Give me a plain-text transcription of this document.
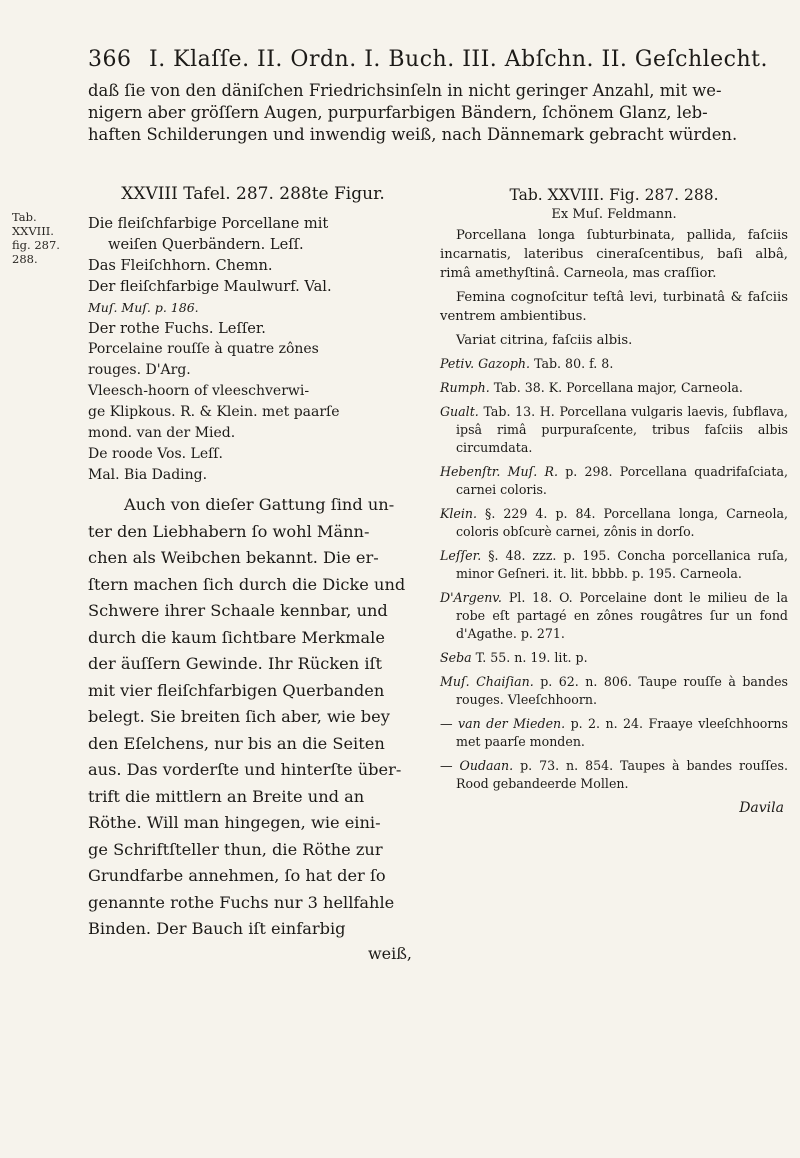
366 I. Klaſſe. II. Ordn. I. Buch. III. Abſchn. II. Geſchlecht.

daß ſie von den däniſchen Friedrichsinſeln in nicht geringer Anzahl, mit we-

nigern aber gröſſern Augen, purpurfarbigen Bändern, ſchönem Glanz, leb-

haften Schilderungen und inwendig weiß, nach Dännemark gebracht würden.

Tab.
XXVIII.
fig. 287.
288.
XXVIII Tafel. 287. 288te Figur.

Die fleiſchfarbige Porcellane mit

weiſen Querbändern. Leſſ.

Das Fleiſchhorn. Chemn.

Der fleiſchfarbige Maulwurf. Val.

Muſ. Muſ. p. 186.

Der rothe Fuchs. Leſſer.

Porcelaine rouſſe à quatre zônes

rouges. D'Arg.

Vleesch-hoorn of vleeschverwi-

ge Klipkous. R. & Klein. met paarſe

mond. van der Mied.

De roode Vos. Leſſ.

Mal. Bia Dading.

Auch von dieſer Gattung ſind un-

ter den Liebhabern ſo wohl Männ-

chen als Weibchen bekannt. Die er-

ſtern machen ſich durch die Dicke und

Schwere ihrer Schaale kennbar, und

durch die kaum ſichtbare Merkmale

der äuſſern Gewinde. Ihr Rücken iſt

mit vier fleiſchfarbigen Querbanden

belegt. Sie breiten ſich aber, wie bey

den Eſelchens, nur bis an die Seiten

aus. Das vorderſte und hinterſte über-

trift die mittlern an Breite und an

Röthe. Will man hingegen, wie eini-

ge Schriftſteller thun, die Röthe zur

Grundfarbe annehmen, ſo hat der ſo

genannte rothe Fuchs nur 3 hellfahle

Binden. Der Bauch iſt einfarbig

weiß,
Tab. XXVIII. Fig. 287. 288.
Ex Muſ. Feldmann.

Porcellana longa ſubturbinata, pallida, faſciis incarnatis, lateribus cineraſcentibus, baſi albâ, rimâ amethyſtinâ. Carneola, mas craſſior.

Femina cognoſcitur teſtâ levi, turbinatâ & faſciis ventrem ambientibus.

Variat citrina, faſciis albis.

Petiv. Gazoph. Tab. 80. f. 8.

Rumph. Tab. 38. K. Porcellana major, Carneola.

Gualt. Tab. 13. H. Porcellana vulgaris laevis, ſubflava, ipsâ rimâ purpuraſcente, tribus faſciis albis circumdata.

Hebenſtr. Muſ. R. p. 298. Porcellana quadrifaſciata, carnei coloris.

Klein. §. 229 4. p. 84. Porcellana longa, Carneola, coloris obſcurè carnei, zônis in dorſo.

Leſſer. §. 48. zzz. p. 195. Concha porcellanica ruſa, minor Geſneri. it. lit. bbbb. p. 195. Carneola.

D'Argenv. Pl. 18. O. Porcelaine dont le milieu de la robe eſt partagé en zônes rougâtres ſur un fond d'Agathe. p. 271.

Seba T. 55. n. 19. lit. p.

Muſ. Chaiſian. p. 62. n. 806. Taupe rouſſe à bandes rouges. Vleeſchhoorn.

— van der Mieden. p. 2. n. 24. Fraaye vleeſchhoorns met paarſe monden.

— Oudaan. p. 73. n. 854. Taupes à bandes rouſſes. Rood gebandeerde Mollen.

Davila
